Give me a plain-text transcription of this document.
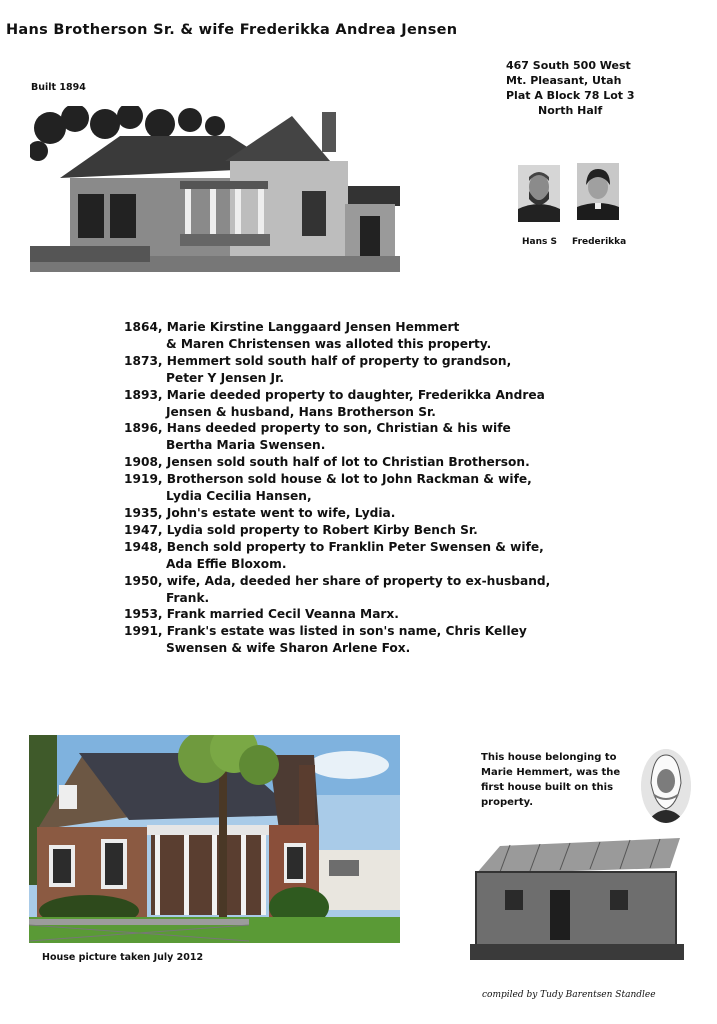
Hans Brotherson Sr. & wife Frederikka Andrea Jensen
Built 1894
467 South 500 West
Mt. Pleasant, Utah
Plat A Block 78 Lot 3
North Half
Hans S Frederikka
1864, Marie Kirstine Langgaard Jensen Hemmert
& Maren Christensen was alloted this property.
1873, Hemmert sold south half of property to grandson,
Peter Y Jensen Jr.
1893, Marie deeded property to daughter, Frederikka Andrea
Jensen & husband, Hans Brotherson Sr.
1896, Hans deeded property to son, Christian & his wife
Bertha Maria Swensen.
1908, Jensen sold south half of lot to Christian Brotherson.
1919, Brotherson sold house & lot to John Rackman & wife,
Lydia Cecilia Hansen,
1935, John's estate went to wife, Lydia.
1947, Lydia sold property to Robert Kirby Bench Sr.
1948, Bench sold property to Franklin Peter Swensen & wife,
Ada Effie Bloxom.
1950, wife, Ada, deeded her share of property to ex-husband,
Frank.
1953, Frank married Cecil Veanna Marx.
1991, Frank's estate was listed in son's name, Chris Kelley
Swensen & wife Sharon Arlene Fox.
House picture taken July 2012
This house belonging to Marie Hemmert, was the first house built on this property.
compiled by Tudy Barentsen Standlee
